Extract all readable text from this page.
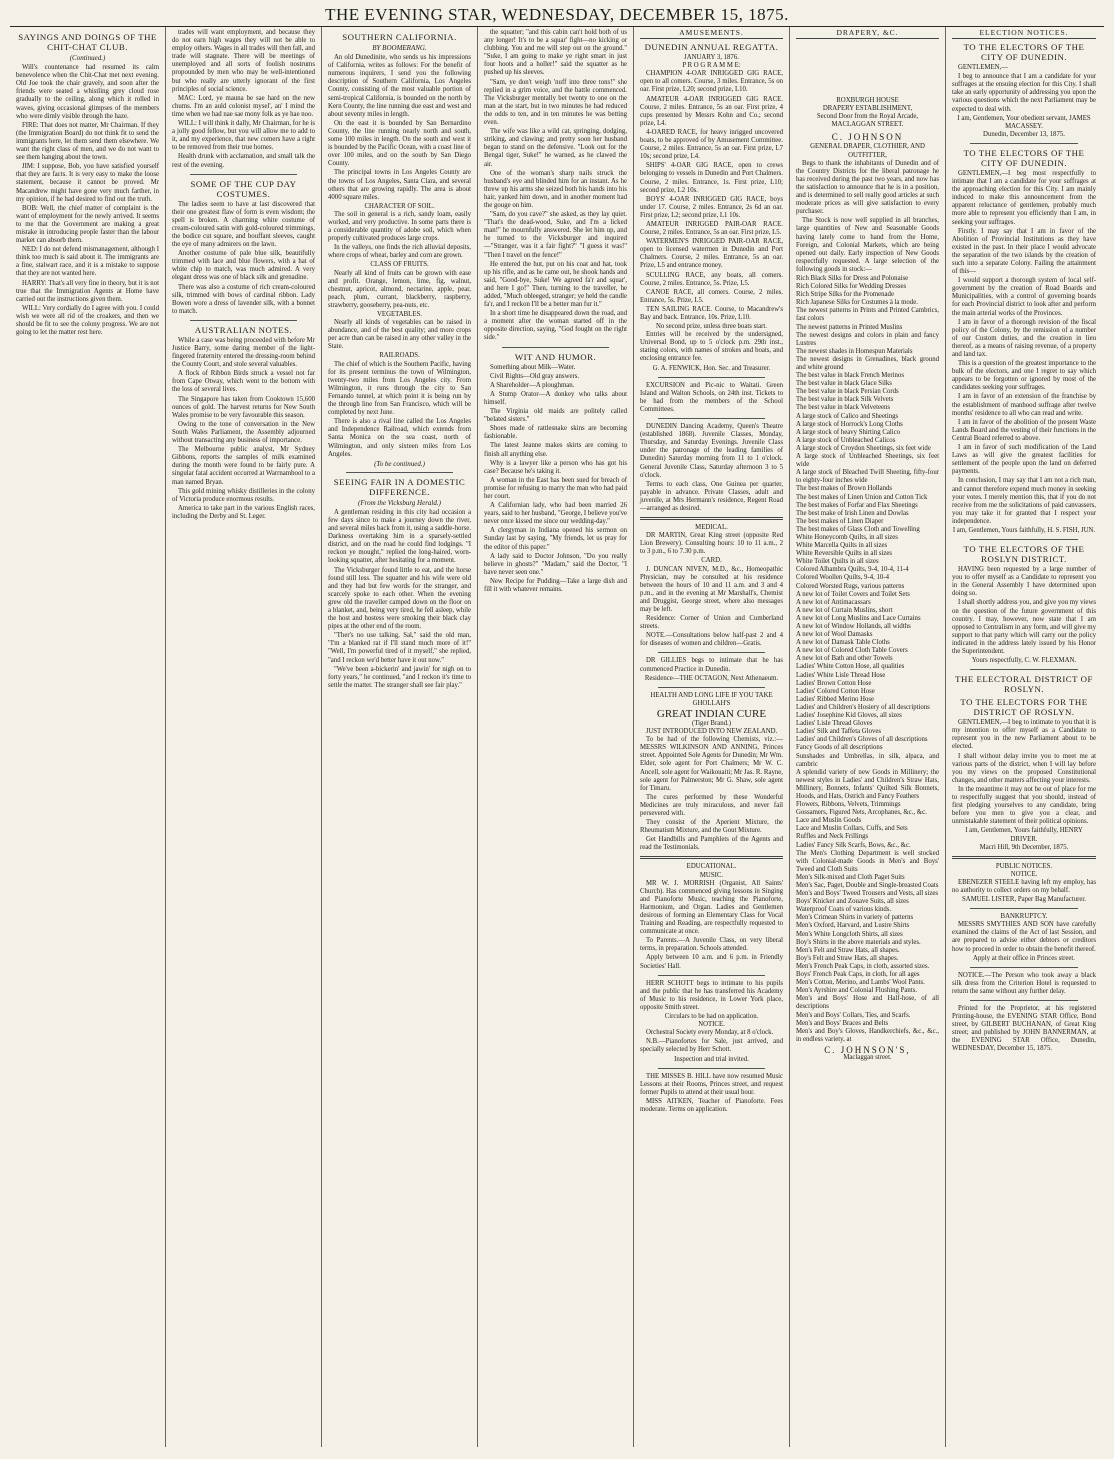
THE EVENING STAR, WEDNESDAY, DECEMBER 15, 1875.
SAYINGS AND DOINGS OF THE CHIT-CHAT CLUB.
(Continued.)

Will's countenance had resumed its calm benevolence when the Chit-Chat met next evening. Old Joe took the chair gravely, and soon after the friends were seated a whistling grey cloud rose gradually to the ceiling, along which it rolled in waves, giving occasional glimpses of the members who were dimly visible through the haze.

FIRE: That does not matter, Mr Chairman. If they (the Immigration Board) do not think fit to send the immigrants here, let them send them elsewhere. We want the right class of men, and we do not want to see them hanging about the town.

JIM: I suppose, Bob, you have satisfied yourself that they are facts. It is very easy to make the loose statement, because it cannot be proved. Mr Macandrew might have gone very much farther, in my opinion, if he had desired to find out the truth.

BOB: Well, the chief matter of complaint is the want of employment for the newly arrived. It seems to me that the Government are making a great mistake in introducing people faster than the labour market can absorb them.

NED: I do not defend mismanagement, although I think too much is said about it. The immigrants are a fine, stalwart race, and it is a mistake to suppose that they are not wanted here.

HARRY: That's all very fine in theory, but it is not true that the Immigration Agents at Home have carried out the instructions given them.

WILL: Very cordially do I agree with you. I could wish we were all rid of the croakers, and then we should be fit to see the colony progress. We are not going to let the matter rest here.

trades will want employment, and because they do not earn high wages they will not be able to employ others. Wages in all trades will then fall, and trade will stagnate. There will be meetings of unemployed and all sorts of foolish nostrums propounded by men who may be well-intentioned but who really are utterly ignorant of the first principles of social science.

MAC: Lord, ye mauna be sae hard on the new chums. I'm an auld colonist mysel', an' I mind the time when we had nae sae mony folk as ye hae noo.

WILL: I will think it dally, Mr Chairman, for he is a jolly good fellow, but you will allow me to add to it, and my experience, that new comers have a right to be removed from their true homes.

Health drunk with acclamation, and small talk the rest of the evening.

SOME OF THE CUP DAY COSTUMES.

The ladies seem to have at last discovered that their one greatest flaw of form is even wisdom; the spell is broken. A charming white costume of cream-coloured satin with gold-coloured trimmings, the bodice cut square, and bouffant sleeves, caught the eye of many admirers on the lawn.

Another costume of pale blue silk, beautifully trimmed with lace and blue flowers, with a hat of white chip to match, was much admired. A very elegant dress was one of black silk and grenadine.

There was also a costume of rich cream-coloured silk, trimmed with bows of cardinal ribbon. Lady Bowen wore a dress of lavender silk, with a bonnet to match.

AUSTRALIAN NOTES.

While a case was being proceeded with before Mr Justice Barry, some daring member of the light-fingered fraternity entered the dressing-room behind the County Court, and stole several valuables.

A flock of Ribbon Birds struck a vessel not far from Cape Otway, which went to the bottom with the loss of several lives.

The Singapore has taken from Cooktown 15,600 ounces of gold. The harvest returns for New South Wales promise to be very favourable this season.

Owing to the tone of conversation in the New South Wales Parliament, the Assembly adjourned without transacting any business of importance.

The Melbourne public analyst, Mr Sydney Gibbons, reports the samples of milk examined during the month were found to be fairly pure. A singular fatal accident occurred at Warrnambool to a man named Bryan.

This gold mining whisky distilleries in the colony of Victoria produce enormous results.

America to take part in the various English races, including the Derby and St. Leger.

SOUTHERN CALIFORNIA.
BY BOOMERANG.

An old Dunedinite, who sends us his impressions of California, writes as follows: For the benefit of numerous inquirers, I send you the following description of Southern California, Los Angeles County, consisting of the most valuable portion of semi-tropical California, is bounded on the north by Kern County, the line running due east and west and about seventy miles in length.

On the east it is bounded by San Bernardino County, the line running nearly north and south, some 100 miles in length. On the south and west it is bounded by the Pacific Ocean, with a coast line of over 100 miles, and on the south by San Diego County.

The principal towns in Los Angeles County are the towns of Los Angeles, Santa Clara, and several others that are growing rapidly. The area is about 4000 square miles.

CHARACTER OF SOIL.

The soil in general is a rich, sandy loam, easily worked, and very productive. In some parts there is a considerable quantity of adobe soil, which when properly cultivated produces large crops.

In the valleys, one finds the rich alluvial deposits, where crops of wheat, barley and corn are grown.

CLASS OF FRUITS.

Nearly all kind of fruits can be grown with ease and profit. Orange, lemon, lime, fig, walnut, chestnut, apricot, almond, nectarine, apple, pear, peach, plum, currant, blackberry, raspberry, strawberry, gooseberry, pea-nuts, etc.

VEGETABLES.

Nearly all kinds of vegetables can be raised in abundance, and of the best quality; and more crops per acre than can be raised in any other valley in the State.

RAILROADS.

The chief of which is the Southern Pacific, having for its present terminus the town of Wilmington, twenty-two miles from Los Angeles city. From Wilmington, it runs through the city to San Fernando tunnel, at which point it is being run by the through line from San Francisco, which will be completed by next June.

There is also a rival line called the Los Angeles and Independence Railroad, which extends from Santa Monica on the sea coast, north of Wilmington, and only sixteen miles from Los Angeles.

(To be continued.)
SEEING FAIR IN A DOMESTIC DIFFERENCE.
(From the Vicksburg Herald.)

A gentleman residing in this city had occasion a few days since to make a journey down the river, and several miles back from it, using a saddle-horse. Darkness overtaking him in a sparsely-settled district, and on the road he could find lodgings. "I reckon ye mought," replied the long-haired, worn-looking squatter, after hesitating for a moment.

The Vicksburger found little to eat, and the horse found still less. The squatter and his wife were old and they had but few words for the stranger, and scarcely spoke to each other. When the evening grew old the traveller camped down on the floor on a blanket, and, being very tired, he fell asleep, while the host and hostess were smoking their black clay pipes at the other end of the room.

"Ther's no use talking, Sal," said the old man, "I'm a blanked rat if I'll stand much more of it!" "Well, I'm powerful tired of it myself," she replied, "and I reckon we'd better have it out now."

"We've been a-bickerin' and jawin' for nigh on to forty years," he continued, "and I reckon it's time to settle the matter. The stranger shall see fair play."

the squatter; "and this cabin can't hold both of us any longer! It's to be a squar' fight—no kicking or clubbing. You and me will step out on the ground." "Suke, I am going to make ye right smart in just four hoots and a holler!" said the squatter as he pushed up his sleeves.

"Sam, ye don't weigh 'nuff into three tons!" she replied in a grim voice, and the battle commenced. The Vicksburger mentally bet twenty to one on the man at the start, but in two minutes he had reduced the odds to ten, and in ten minutes he was betting even.

The wife was like a wild cat, springing, dodging, striking, and clawing; and pretty soon her husband began to stand on the defensive. "Look out for the Bengal tiger, Suke!" he warned, as he clawed the air.

One of the woman's sharp nails struck the husband's eye and blinded him for an instant. As he threw up his arms she seized both his hands into his hair, yanked him down, and in another moment had the gouge on him.

"Sam, do you cave?" she asked, as they lay quiet. "That's the dead-wood, Suke, and I'm a licked man!" he mournfully answered. She let him up, and he turned to the Vicksburger and inquired—"Stranger, was it a fair fight?" "I guess it was!" "Then I travel on the fence!"

He entered the hut, put on his coat and hat, took up his rifle, and as he came out, he shook hands and said, "Good-bye, Suke! We agreed fa'r and squar', and here I go!" Then, turning to the traveller, he added, "Much obleeged, stranger; ye held the candle fa'r, and I reckon I'll be a better man fur it."

In a short time he disappeared down the road, and a moment after the woman started off in the opposite direction, saying, "God fought on the right side."

WIT AND HUMOR.

Something about Milk—Water.

Civil Rights—Old gray answers.

A Shareholder—A ploughman.

A Stump Orator—A donkey who talks about himself.

The Virginia old maids are politely called "belated sisters."

Shoes made of rattlesnake skins are becoming fashionable.

The latest Jeanne makes skirts are coming to finish all anything else.

Why is a lawyer like a person who has got his case? Because he's taking it.

A woman in the East has been sued for breach of promise for refusing to marry the man who had paid her court.

A Californian lady, who had been married 26 years, said to her husband, "George, I believe you've never once kissed me since our wedding-day."

A clergyman in Indiana opened his sermon on Sunday last by saying, "My friends, let us pray for the editor of this paper."

A lady said to Doctor Johnson, "Do you really believe in ghosts?" "Madam," said the Doctor, "I have never seen one."

New Recipe for Pudding—Take a large dish and fill it with whatever remains.

AMUSEMENTS.
DUNEDIN ANNUAL REGATTA.
JANUARY 3, 1876.
P R O G R A M M E:

CHAMPION 4-OAR INRIGGED GIG RACE, open to all comers. Course, 3 miles. Entrance, 5s on oar. First prize, L20; second prize, L10.

AMATEUR 4-OAR INRIGGED GIG RACE. Course, 2 miles. Entrance, 5s an oar. First prize, 4 cups presented by Messrs Kohn and Co.; second prize, L4.

4-OARED RACE, for heavy inrigged uncovered boats, to be approved of by Amusement Committee. Course, 2 miles. Entrance, 5s an oar. First prize, L7 10s; second prize, L4.

SHIPS' 4-OAR GIG RACE, open to crews belonging to vessels in Dunedin and Port Chalmers. Course, 2 miles. Entrance, 1s. First prize, L10; second prize, L2 10s.

BOYS' 4-OAR INRIGGED GIG RACE, boys under 17. Course, 2 miles. Entrance, 2s 6d an oar. First prize, L2; second prize, L1 10s.

AMATEUR INRIGGED PAIR-OAR RACE. Course, 2 miles. Entrance, 5s an oar. First prize, L5.

WATERMEN'S INRIGGED PAIR-OAR RACE, open to licensed watermen in Dunedin and Port Chalmers. Course, 2 miles. Entrance, 5s an oar. Prize, L5 and entrance money.

SCULLING RACE, any boats, all comers. Course, 2 miles. Entrance, 5s. Prize, L5.

CANOE RACE, all comers. Course, 2 miles. Entrance, 5s. Prize, L5.

TEN SAILING RACE. Course, to Macandrew's Bay and back. Entrance, 10s. Prize, L10.

No second prize, unless three boats start.

Entries will be received by the undersigned, Universal Bond, up to 5 o'clock p.m. 29th inst., stating colors, with names of strokes and boats, and enclosing entrance fee.

G. A. FENWICK, Hon. Sec. and Treasurer.

EXCURSION and Pic-nic to Waitati. Green Island and Walton Schools, on 24th inst. Tickets to be had from the members of the School Committees.

DUNEDIN Dancing Academy, Queen's Theatre (established 1868). Juvenile Classes, Monday, Thursday, and Saturday Evenings. Juvenile Class under the patronage of the leading families of Dunedin) Saturday morning from 11 to 1 o'clock. General Juvenile Class, Saturday afternoon 3 to 5 o'clock.

Terms to each class, One Guinea per quarter, payable in advance. Private Classes, adult and juvenile, at Mrs Hermann's residence, Regent Road—arranged as desired.

MEDICAL.

DR MARTIN, Great King street (opposite Red Lion Brewery). Consulting hours: 10 to 11 a.m., 2 to 3 p.m., 6 to 7.30 p.m.

CARD.

J. DUNCAN NIVEN, M.D., &c., Homeopathic Physician, may be consulted at his residence between the hours of 10 and 11 a.m. and 3 and 4 p.m., and in the evening at Mr Marshall's, Chemist and Druggist, George street, where also messages may be left.

Residence: Corner of Union and Cumberland streets.

NOTE.—Consultations below half-past 2 and 4 for diseases of women and children—Gratis.

DR GILLIES begs to intimate that he has commenced Practice in Dunedin.

Residence—THE OCTAGON, Next Athenaeum.
HEALTH AND LONG LIFE IF YOU TAKE GHOLLAH'S
GREAT INDIAN CURE
(Tiger Brand.)
JUST INTRODUCED INTO NEW ZEALAND.

To be had of the following Chemists, viz.:—MESSRS WILKINSON AND ANNING, Princes street. Appointed Sole Agents for Dunedin; Mr Wm. Elder, sole agent for Port Chalmers; Mr W. C. Ancell, sole agent for Waikouaiti; Mr Jas. R. Rayne, sole agent for Palmerston; Mr G. Shaw, sole agent for Timaru.

The cures performed by these Wonderful Medicines are truly miraculous, and never fail persevered with.

They consist of the Aperient Mixture, the Rheumatism Mixture, and the Gout Mixture.

Get Handbills and Pamphlets of the Agents and read the Testimonials.

EDUCATIONAL.
MUSIC.

MR W. J. MORRISH (Organist, All Saints' Church). Has commenced giving lessons in Singing and Pianoforte Music, teaching the Pianoforte, Harmonium, and Organ. Ladies and Gentlemen desirous of forming an Elementary Class for Vocal Training and Reading, are respectfully requested to communicate at once.

To Parents.—A Juvenile Class, on very liberal terms, in preparation. Schools attended.

Apply between 10 a.m. and 6 p.m. in Friendly Societies' Hall.

HERR SCHOTT begs to intimate to his pupils and the public that he has transferred his Academy of Music to his residence, in Lower York place, opposite Smith street.

Circulars to be had on application.
NOTICE.

Orchestral Society every Monday, at 8 o'clock.

N.B.—Pianofortes for Sale, just arrived, and specially selected by Herr Schott.

Inspection and trial invited.

THE MISSES B. HILL have now resumed Music Lessons at their Rooms, Princes street, and request former Pupils to attend at their usual hour.

MISS AITKEN, Teacher of Pianoforte. Fees moderate. Terms on application.

DRAPERY, &C.
ROXBURGH HOUSE
DRAPERY ESTABLISHMENT,
Second Door from the Royal Arcade,
MACLAGGAN STREET.
C. JOHNSON
GENERAL DRAPER, CLOTHIER, AND OUTFITTER,

Begs to thank the inhabitants of Dunedin and of the Country Districts for the liberal patronage he has received during the past two years, and now has the satisfaction to announce that he is in a position, and is determined to sell really good articles at such moderate prices as will give satisfaction to every purchaser.

The Stock is now well supplied in all branches, large quantities of New and Seasonable Goods having lately come to hand from the Home, Foreign, and Colonial Markets, which are being opened out daily. Early inspection of New Goods respectfully requested. A large selection of the following goods in stock:—

Rich Black Silks for Dress and Polonaise

Rich Colored Silks for Wedding Dresses

Rich Stripe Silks for the Promenade

Rich Japanese Silks for Costumes à la mode.

The newest patterns in Prints and Printed Cambrics, fast colors

The newest patterns in Printed Muslins

The newest designs and colors in plain and fancy Lustres

The newest shades in Homespun Materials

The newest designs in Grenadines, black ground and white ground

The best value in black French Merinos

The best value in black Glace Silks

The best value in black Persian Cords

The best value in black Silk Velvets

The best value in black Velveteens

A large stock of Calico and Sheetings

A large stock of Horrock's Long Cloths

A large stock of heavy Shirting Calico

A large stock of Unbleached Calicos

A large stock of Croydon Sheetings, six feet wide

A large stock of Unbleached Sheetings, six feet wide

A large stock of Bleached Twill Sheeting, fifty-four to eighty-four inches wide

The best makes of Brown Hollands

The best makes of Linen Union and Cotton Tick

The best makes of Forfar and Flax Sheetings

The best make of Irish Linen and Dowlas

The best makes of Linen Diaper

The best makes of Glass Cloth and Towelling

White Honeycomb Quilts, in all sizes

White Marcella Quilts in all sizes

White Reversible Quilts in all sizes

White Toilet Quilts in all sizes

Colored Alhambra Quilts, 9-4, 10-4, 11-4

Colored Woollen Quilts, 9-4, 10-4

Colored Worsted Rugs, various patterns

A new lot of Toilet Covers and Toilet Sets

A new lot of Antimacassars

A new lot of Curtain Muslins, short

A new lot of Long Muslins and Lace Curtains

A new lot of Window Hollands, all widths

A new lot of Wool Damasks

A new lot of Damask Table Cloths

A new lot of Colored Cloth Table Covers

A new lot of Bath and other Towels

Ladies' White Cotton Hose, all qualities

Ladies' White Lisle Thread Hose

Ladies' Brown Cotton Hose

Ladies' Colored Cotton Hose

Ladies' Ribbed Merino Hose

Ladies' and Children's Hosiery of all descriptions

Ladies' Josephine Kid Gloves, all sizes

Ladies' Lisle Thread Gloves

Ladies' Silk and Taffeta Gloves

Ladies' and Children's Gloves of all descriptions

Fancy Goods of all descriptions

Sunshades and Umbrellas, in silk, alpaca, and cambric

A splendid variety of new Goods in Millinery; the newest styles in Ladies' and Children's Straw Hats, Millinery, Bonnets, Infants' Quilted Silk Bonnets, Hoods, and Hats, Ostrich and Fancy Feathers

Flowers, Ribbons, Velvets, Trimmings

Gossamers, Figured Nets, Arcophanes, &c., &c.

Lace and Muslin Goods

Lace and Muslin Collars, Cuffs, and Sets

Ruffles and Neck Frillings

Ladies' Fancy Silk Scarfs, Bows, &c., &c.

The Men's Clothing Department is well stocked with Colonial-made Goods in Men's and Boys' Tweed and Cloth Suits

Men's Silk-mixed and Cloth Paget Suits

Men's Sac, Paget, Double and Single-breasted Coats

Men's and Boys' Tweed Trousers and Vests, all sizes

Boys' Knicker and Zouave Suits, all sizes

Waterproof Coats of various kinds.

Men's Crimean Shirts in variety of patterns

Men's Oxford, Harvard, and Lustre Shirts

Men's White Longcloth Shirts, all sizes

Boy's Shirts in the above materials and styles.

Men's Felt and Straw Hats, all shapes.

Boy's Felt and Straw Hats, all shapes.

Men's French Peak Caps, in cloth, assorted sizes.

Boys' French Peak Caps, in cloth, for all ages

Men's Cotton, Merino, and Lambs' Wool Pants.

Men's Ayrshire and Colonial Flushing Pants.

Men's and Boys' Hose and Half-hose, of all descriptions

Men's and Boys' Collars, Ties, and Scarfs.

Men's and Boys' Braces and Belts

Men's and Boy's Gloves, Handkerchiefs, &c., &c., in endless variety, at

C. JOHNSON'S,
Maclaggan street.
ELECTION NOTICES.
TO THE ELECTORS OF THE CITY OF DUNEDIN.

GENTLEMEN,—

I beg to announce that I am a candidate for your suffrages at the ensuing election for this City. I shall take an early opportunity of addressing you upon the various questions which the next Parliament may be expected to deal with.

I am, Gentlemen, Your obedient servant, JAMES MACASSEY.
Dunedin, December 13, 1875.
TO THE ELECTORS OF THE CITY OF DUNEDIN.

GENTLEMEN,—I beg most respectfully to intimate that I am a candidate for your suffrages at the approaching election for this City. I am mainly induced to make this announcement from the apparent reluctance of gentlemen, probably much more able to represent you efficiently than I am, in seeking your suffrages.

Firstly. I may say that I am in favor of the Abolition of Provincial Institutions as they have existed in the past. In their place I would advocate the separation of the two islands by the creation of such into a separate Colony. Failing the attainment of this—

I would support a thorough system of local self-government by the creation of Road Boards and Municipalities, with a control of governing boards for each Provincial district to look after and perform the main arterial works of the Provinces.

I am in favor of a thorough revision of the fiscal policy of the Colony, by the remission of a number of our Custom duties, and the creation in lieu thereof, as a means of raising revenue, of a property and land tax.

This is a question of the greatest importance to the bulk of the electors, and one I regret to say which appears to be forgotten or ignored by most of the candidates seeking your suffrages.

I am in favor of an extension of the franchise by the establishment of manhood suffrage after twelve months' residence to all who can read and write.

I am in favor of the abolition of the present Waste Lands Board and the vesting of their functions in the Central Board referred to above.

I am in favor of such modification of the Land Laws as will give the greatest facilities for settlement of the people upon the land on deferred payments.

In conclusion, I may say that I am not a rich man, and cannot therefore expend much money in seeking your votes. I merely mention this, that if you do not receive from me the solicitations of paid canvassers, you may take it for granted that I respect your independence.

I am, Gentlemen, Yours faithfully, H. S. FISH, JUN.
TO THE ELECTORS OF THE ROSLYN DISTRICT.

HAVING been requested by a large number of you to offer myself as a Candidate to represent you in the General Assembly I have determined upon doing so.

I shall shortly address you, and give you my views on the question of the future government of this country. I may, however, now state that I am opposed to Centralism in any form, and will give my support to that party which will carry out the policy indicated in the address lately issued by his Honor the Superintendent.

Yours respectfully, C. W. FLEXMAN.
THE ELECTORAL DISTRICT OF ROSLYN.
TO THE ELECTORS FOR THE DISTRICT OF ROSLYN.

GENTLEMEN,—I beg to intimate to you that it is my intention to offer myself as a Candidate to represent you in the new Parliament about to be elected.

I shall without delay invite you to meet me at various parts of the district, when I will lay before you my views on the proposed Constitutional changes, and other matters affecting your interests.

In the meantime it may not be out of place for me to respectfully suggest that you should, instead of first pledging yourselves to any candidate, bring before you men to give you a clear, and unmistakable statement of their political opinions.

I am, Gentlemen, Yours faithfully, HENRY DRIVER.
Macri Hill, 9th December, 1875.
PUBLIC NOTICES.
NOTICE.

EBENEZER STEELE having left my employ, has no authority to collect orders on my behalf.

SAMUEL LISTER, Paper Bag Manufacturer.
BANKRUPTCY.

MESSRS SMYTHIES AND SON have carefully examined the claims of the Act of last Session, and are prepared to advise either debtors or creditors how to proceed in order to obtain the benefit thereof.

Apply at their office in Princes street.

NOTICE.—The Person who took away a black silk dress from the Criterion Hotel is requested to return the same without any further delay.

Printed for the Proprietor, at his registered Printing-house, the EVENING STAR Office, Bond street, by GILBERT BUCHANAN, of Great King street; and published by JOHN BANNERMAN, at the EVENING STAR Office, Dunedin, WEDNESDAY, December 15, 1875.
